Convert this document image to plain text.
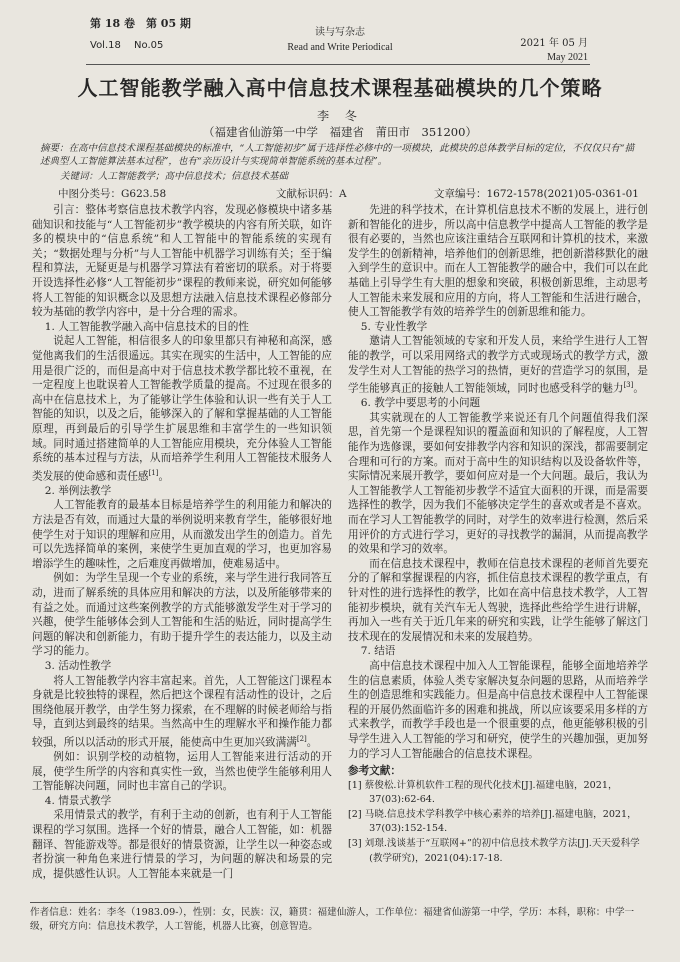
第 18 卷　第 05 期
Vol.18　 No.05
读与写杂志
Read and Write Periodical	2021 年 05 月
May 2021
人工智能教学融入高中信息技术课程基础模块的几个策略
李 冬
（福建省仙游第一中学　福建省　莆田市　351200）
摘要：在高中信息技术课程基础模块的标准中，“人工智能初步”属于选择性必修中的一项模块，此模块的总体教学目标的定位，不仅仅只有“描述典型人工智能算法基本过程”，也有“亲历设计与实现简单智能系统的基本过程”。
关键词：人工智能教学；高中信息技术；信息技术基础
中图分类号：G623.58	文献标识码：A	文章编号：1672-1578(2021)05-0361-01

引言：整体考察信息技术教学内容，发现必修模块中诸多基础知识和技能与“人工智能初步”教学模块的内容有所关联，如许多的模块中的“信息系统”和人工智能中的智能系统的实现有关；“数据处理与分析”与人工智能中机器学习训练有关；至于编程和算法，无疑更是与机器学习算法有着密切的联系。对于将要开设选择性必修“人工智能初步”课程的教师来说，研究如何能够将人工智能的知识概念以及思想方法融入信息技术课程必修部分较为基础的教学内容中，是十分合理的需求。

1. 人工智能教学融入高中信息技术的目的性

说起人工智能，相信很多人的印象里都只有神秘和高深，感觉他离我们的生活很遥远。其实在现实的生活中，人工智能的应用是很广泛的，而但是高中对于信息技术教学都比较不重视，在一定程度上也耽误着人工智能教学质量的提高。不过现在很多的高中在信息技术上，为了能够让学生体验和认识一些有关于人工智能的知识，以及之后，能够深入的了解和掌握基础的人工智能原理，再到最后的引导学生扩展思维和丰富学生的一些知识领域。同时通过搭建简单的人工智能应用模块，充分体验人工智能系统的基本过程与方法，从而培养学生利用人工智能技术服务人类发展的使命感和责任感[1]。

2. 举例法教学

人工智能教育的最基本目标是培养学生的利用能力和解决的方法是否有效，而通过大量的举例说明来教育学生，能够很好地使学生对于知识的理解和应用，从而激发出学生的创造力。首先可以先选择简单的案例，来使学生更加直观的学习，也更加容易增添学生的趣味性，之后难度再做增加，使难易适中。

例如：为学生呈现一个专业的系统，来与学生进行我同答互动，进而了解系统的具体应用和解决的方法，以及所能够带来的有益之处。而通过这些案例教学的方式能够激发学生对于学习的兴趣，使学生能够体会到人工智能和生活的贴近，同时提高学生问题的解决和创新能力，有助于提升学生的表达能力，以及主动学习的能力。

3. 活动性教学

将人工智能教学内容丰富起来。首先，人工智能这门课程本身就是比较独特的课程，然后把这个课程有活动性的设计，之后围绕他展开教学，由学生努力探索，在不理解的时候老师给与指导，直到达到最终的结果。当然高中生的理解水平和操作能力都较强，所以以活动的形式开展，能使高中生更加兴致满满[2]。

例如：识别学校的动植物，运用人工智能来进行活动的开展，使学生所学的内容和真实性一致，当然也使学生能够利用人工智能解决问题，同时也丰富自己的学识。

4. 情景式教学

采用情景式的教学，有利于主动的创新，也有利于人工智能课程的学习氛围。选择一个好的情景，融合人工智能，如：机器翻译、智能游戏等。都是很好的情景资源，让学生以一种姿态或者扮演一种角色来进行情景的学习，为问题的解决和场景的完成，提供感性认识。人工智能本来就是一门

先进的科学技术，在计算机信息技术不断的发展上，进行创新和智能化的进步，所以高中信息教学中提高人工智能的教学是很有必要的，当然也应该注重结合互联网和计算机的技术，来激发学生的创新精神，培养他们的创新思维，把创新潜移默化的融入到学生的意识中。而在人工智能教学的融合中，我们可以在此基础上引导学生有大胆的想象和突破，积极创新思维，主动思考人工智能未来发展和应用的方向，将人工智能和生活进行融合，使人工智能教学有效的培养学生的创新思维和能力。

5. 专业性教学

邀请人工智能领域的专家和开发人员，来给学生进行人工智能的教学，可以采用网络式的教学方式或现场式的教学方式，激发学生对人工智能的热学习的热情，更好的营造学习的氛围，是学生能够真正的接触人工智能领域，同时也感受科学的魅力[3]。

6. 教学中要思考的小问题

其实就现在的人工智能教学来说还有几个问题值得我们深思，首先第一个是课程知识的覆盖面和知识的了解程度，人工智能作为选修课，要如何安排教学内容和知识的深浅，都需要制定合理和可行的方案。而对于高中生的知识结构以及设备软件等，实际情况来展开教学，要如何应对是一个大问题。最后，我认为人工智能教学人工智能初步教学不适宜大面积的开课，而是需要选择性的教学，因为我们不能够决定学生的喜欢或者是不喜欢。而在学习人工智能教学的同时，对学生的效率进行检测，然后采用评价的方式进行学习，更好的寻找教学的漏洞，从而提高教学的效果和学习的效率。

而在信息技术课程中，教师在信息技术课程的老师首先要充分的了解和掌握课程的内容，抓住信息技术课程的教学重点，有针对性的进行选择性的教学，比如在高中信息技术教学，人工智能初步模块，就有关汽车无人驾驶，选择此些给学生进行讲解，再加入一些有关于近几年来的研究和实践，让学生能够了解这门技术现在的发展情况和未来的发展趋势。

7. 结语

高中信息技术课程中加入人工智能课程，能够全面地培养学生的信息素质，体验人类专家解决复杂问题的思路，从而培养学生的创造思维和实践能力。但是高中信息技术课程中人工智能课程的开展仍然面临许多的困难和挑战，所以应该要采用多样的方式来教学，而教学手段也是一个很重要的点，他更能够积极的引导学生进入人工智能的学习和研究，使学生的兴趣加强，更加努力的学习人工智能融合的信息技术课程。

参考文献：
[1] 蔡俊松.计算机软件工程的现代化技术[J].福建电脑，2021，37(03):62-64.
[2] 马晓.信息技术学科教学中核心素养的培养[J].福建电脑，2021，37(03):152-154.
[3] 刘璟.浅谈基于“互联网+”的初中信息技术教学方法[J].天天爱科学(教学研究)，2021(04):17-18.
作者信息：姓名：李冬（1983.09-），性别：女，民族：汉，籍贯：福建仙游人，工作单位：福建省仙游第一中学，学历：本科，职称：中学一级，研究方向：信息技术教学，人工智能，机器人比赛，创意智造。
